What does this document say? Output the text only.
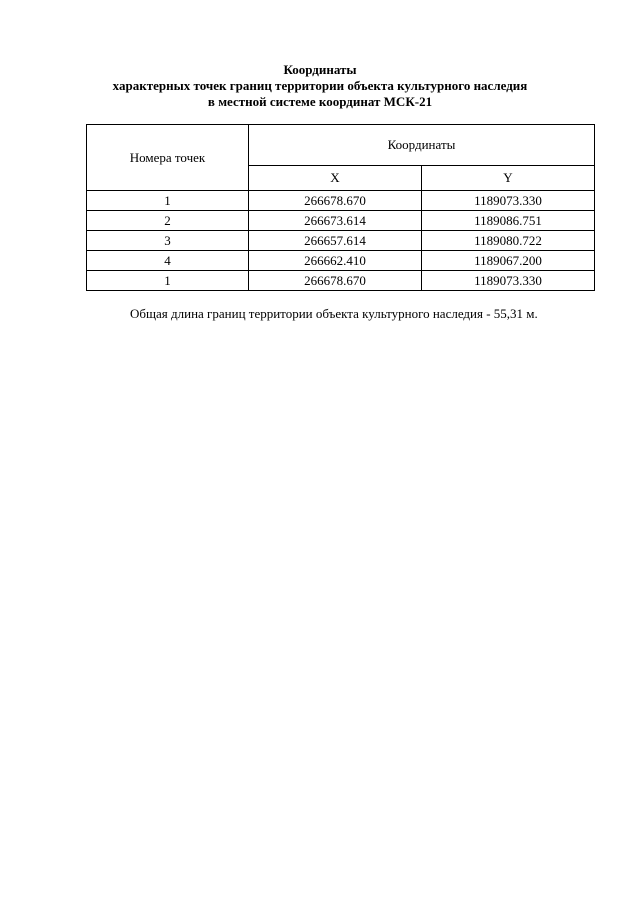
Координаты
характерных точек границ территории объекта культурного наследия
в местной системе координат МСК-21
Номера точек	Координаты	
	X	Y
1	266678.670	1189073.330
2	266673.614	1189086.751
3	266657.614	1189080.722
4	266662.410	1189067.200
1	266678.670	1189073.330
Общая длина границ территории объекта культурного наследия - 55,31 м.
